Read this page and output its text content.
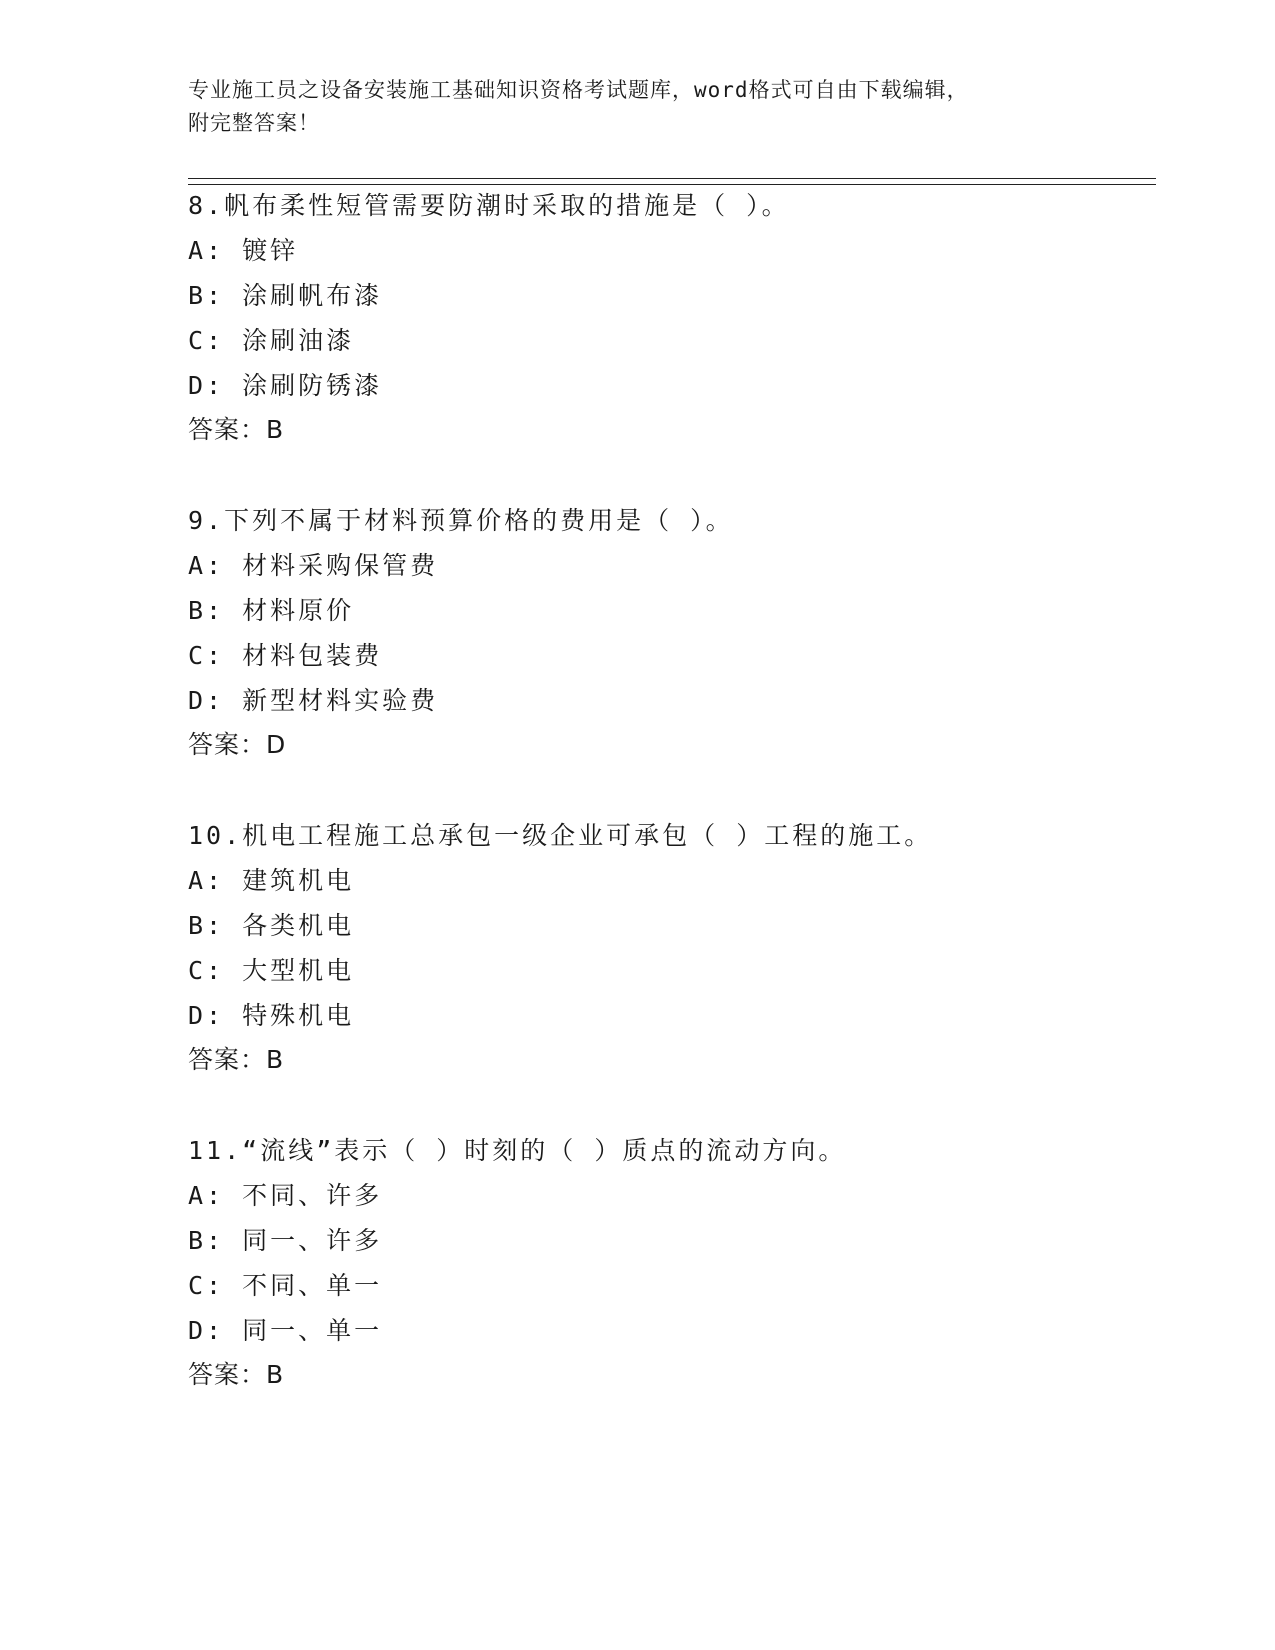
专业施工员之设备安装施工基础知识资格考试题库，word格式可自由下载编辑，
附完整答案！
8.帆布柔性短管需要防潮时采取的措施是（ ）。
A: 镀锌
B: 涂刷帆布漆
C: 涂刷油漆
D: 涂刷防锈漆
答案：B
9.下列不属于材料预算价格的费用是（ ）。
A: 材料采购保管费
B: 材料原价
C: 材料包装费
D: 新型材料实验费
答案：D
10.机电工程施工总承包一级企业可承包（ ）工程的施工。
A: 建筑机电
B: 各类机电
C: 大型机电
D: 特殊机电
答案：B
11.“流线”表示（ ）时刻的（ ）质点的流动方向。
A: 不同、许多
B: 同一、许多
C: 不同、单一
D: 同一、单一
答案：B
